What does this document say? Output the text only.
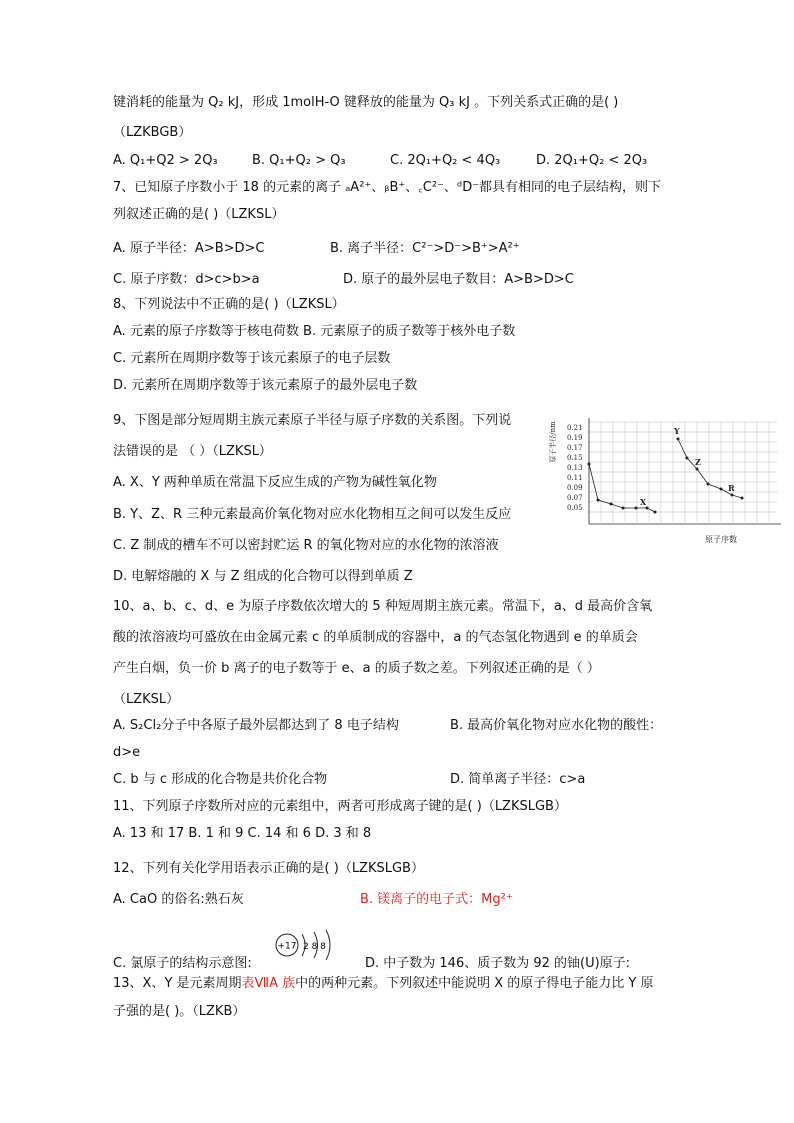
键消耗的能量为 Q₂ kJ，形成 1molH-O 键释放的能量为 Q₃ kJ 。下列关系式正确的是( )
（LZKBGB）
A. Q₁+Q2 > 2Q₃	B. Q₁+Q₂ > Q₃	C. 2Q₁+Q₂ < 4Q₃	D. 2Q₁+Q₂ < 2Q₃
7、已知原子序数小于 18 的元素的离子 ₐA²⁺、ᵦB⁺、꜀C²⁻、ᵈD⁻都具有相同的电子层结构，则下
列叙述正确的是( )（LZKSL）
A. 原子半径：A>B>D>C	B. 离子半径：C²⁻>D⁻>B⁺>A²⁺
C. 原子序数：d>c>b>a	D. 原子的最外层电子数目：A>B>D>C
8、下列说法中不正确的是( )（LZKSL）
A. 元素的原子序数等于核电荷数 B. 元素原子的质子数等于核外电子数
C. 元素所在周期序数等于该元素原子的电子层数
D. 元素所在周期序数等于该元素原子的最外层电子数
9、下图是部分短周期主族元素原子半径与原子序数的关系图。下列说
法错误的是 （ ）（LZKSL）
A. X、Y 两种单质在常温下反应生成的产物为碱性氧化物
B. Y、Z、R 三种元素最高价氧化物对应水化物相互之间可以发生反应
C. Z 制成的槽车不可以密封贮运 R 的氧化物对应的水化物的浓溶液
D. 电解熔融的 X 与 Z 组成的化合物可以得到单质 Z
原子半径/nm 0.21
0.19
0.17
0.15
0.13
0.11
0.09
0.07
0.05
原子序数
X
Y
Z
R
10、a、b、c、d、e 为原子序数依次增大的 5 种短周期主族元素。常温下，a、d 最高价含氧
酸的浓溶液均可盛放在由金属元素 c 的单质制成的容器中，a 的气态氢化物遇到 e 的单质会
产生白烟，负一价 b 离子的电子数等于 e、a 的质子数之差。下列叙述正确的是（ ）
（LZKSL）
A. S₂Cl₂分子中各原子最外层都达到了 8 电子结构	B. 最高价氧化物对应水化物的酸性：
d>e
C. b 与 c 形成的化合物是共价化合物	D. 简单离子半径：c>a
11、下列原子序数所对应的元素组中，两者可形成离子键的是( )（LZKSLGB）
A. 13 和 17 B. 1 和 9 C. 14 和 6 D. 3 和 8
12、下列有关化学用语表示正确的是( )（LZKSLGB）
A. CaO 的俗名:熟石灰	B. 镁离子的电子式：Mg²⁺
C. 氯原子的结构示意图:
+17 2 8 8
D. 中子数为 146、质子数为 92 的铀(U)原子:
13、X、Y 是元素周期表ⅦA 族中的两种元素。下列叙述中能说明 X 的原子得电子能力比 Y 原
子强的是( )。（LZKB）
